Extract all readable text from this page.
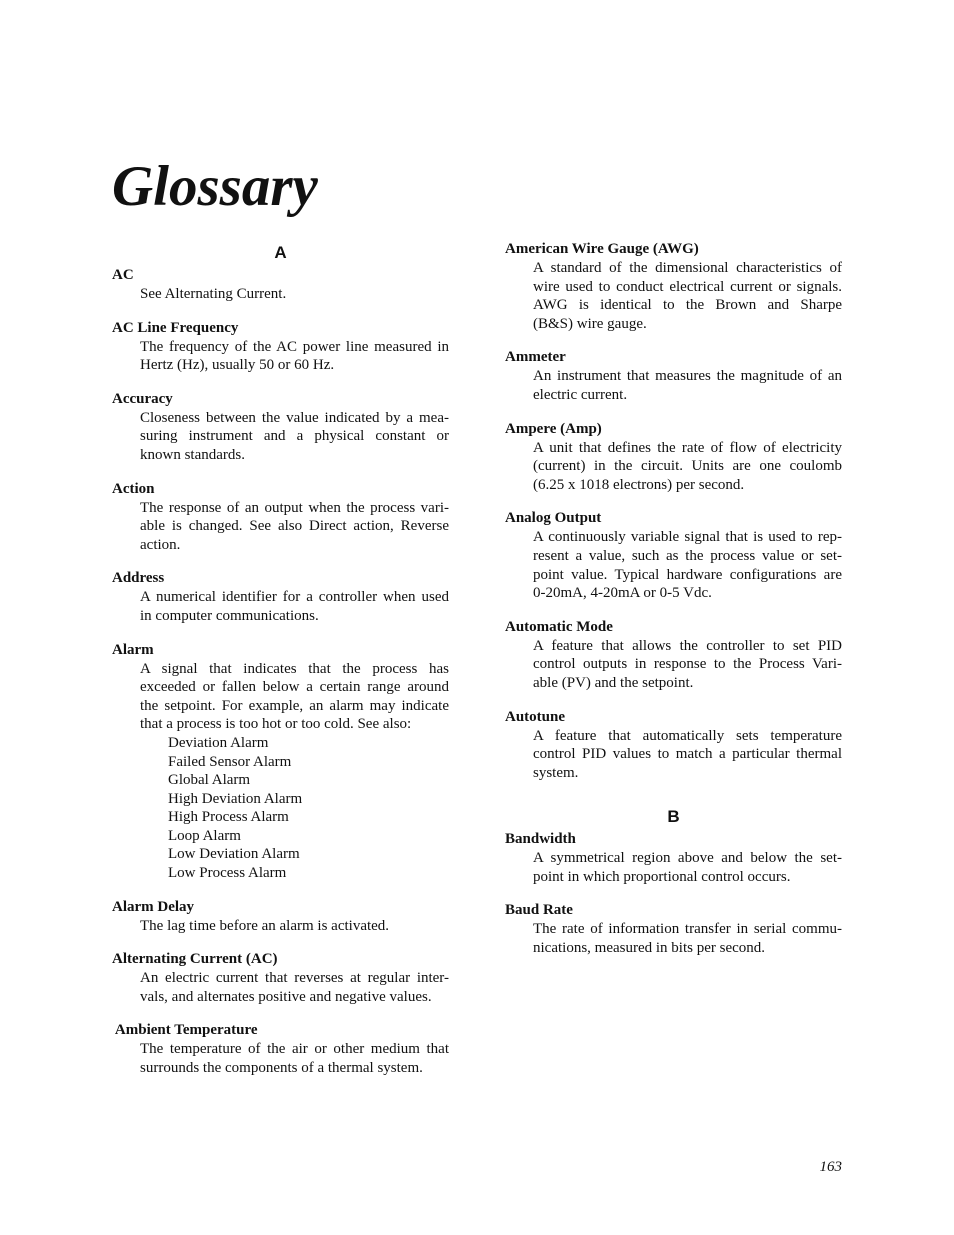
Glossary
A
AC
See Alternating Current.
AC Line Frequency
The frequency of the AC power line measured in
Hertz (Hz), usually 50 or 60 Hz.
Accuracy
Closeness between the value indicated by a mea-
suring instrument and a physical constant or
known standards.
Action
The response of an output when the process vari-
able is changed. See also Direct action, Reverse
action.
Address
A numerical identifier for a controller when used
in computer communications.
Alarm
A signal that indicates that the process has
exceeded or fallen below a certain range around
the setpoint. For example, an alarm may indicate
that a process is too hot or too cold. See also:
Deviation Alarm
Failed Sensor Alarm
Global Alarm
High Deviation Alarm
High Process Alarm
Loop Alarm
Low Deviation Alarm
Low Process Alarm
Alarm Delay
The lag time before an alarm is activated.
Alternating Current (AC)
An electric current that reverses at regular inter-
vals, and alternates positive and negative values.
Ambient Temperature
The temperature of the air or other medium that
surrounds the components of a thermal system.
American Wire Gauge (AWG)
A standard of the dimensional characteristics of
wire used to conduct electrical current or signals.
AWG is identical to the Brown and Sharpe
(B&S) wire gauge.
Ammeter
An instrument that measures the magnitude of an
electric current.
Ampere (Amp)
A unit that defines the rate of flow of electricity
(current) in the circuit. Units are one coulomb
(6.25 x 1018 electrons) per second.
Analog Output
A continuously variable signal that is used to rep-
resent a value, such as the process value or set-
point value. Typical hardware configurations are
0-20mA, 4-20mA or 0-5 Vdc.
Automatic Mode
A feature that allows the controller to set PID
control outputs in response to the Process Vari-
able (PV) and the setpoint.
Autotune
A feature that automatically sets temperature
control PID values to match a particular thermal
system.
B
Bandwidth
A symmetrical region above and below the set-
point in which proportional control occurs.
Baud Rate
The rate of information transfer in serial commu-
nications, measured in bits per second.
163
